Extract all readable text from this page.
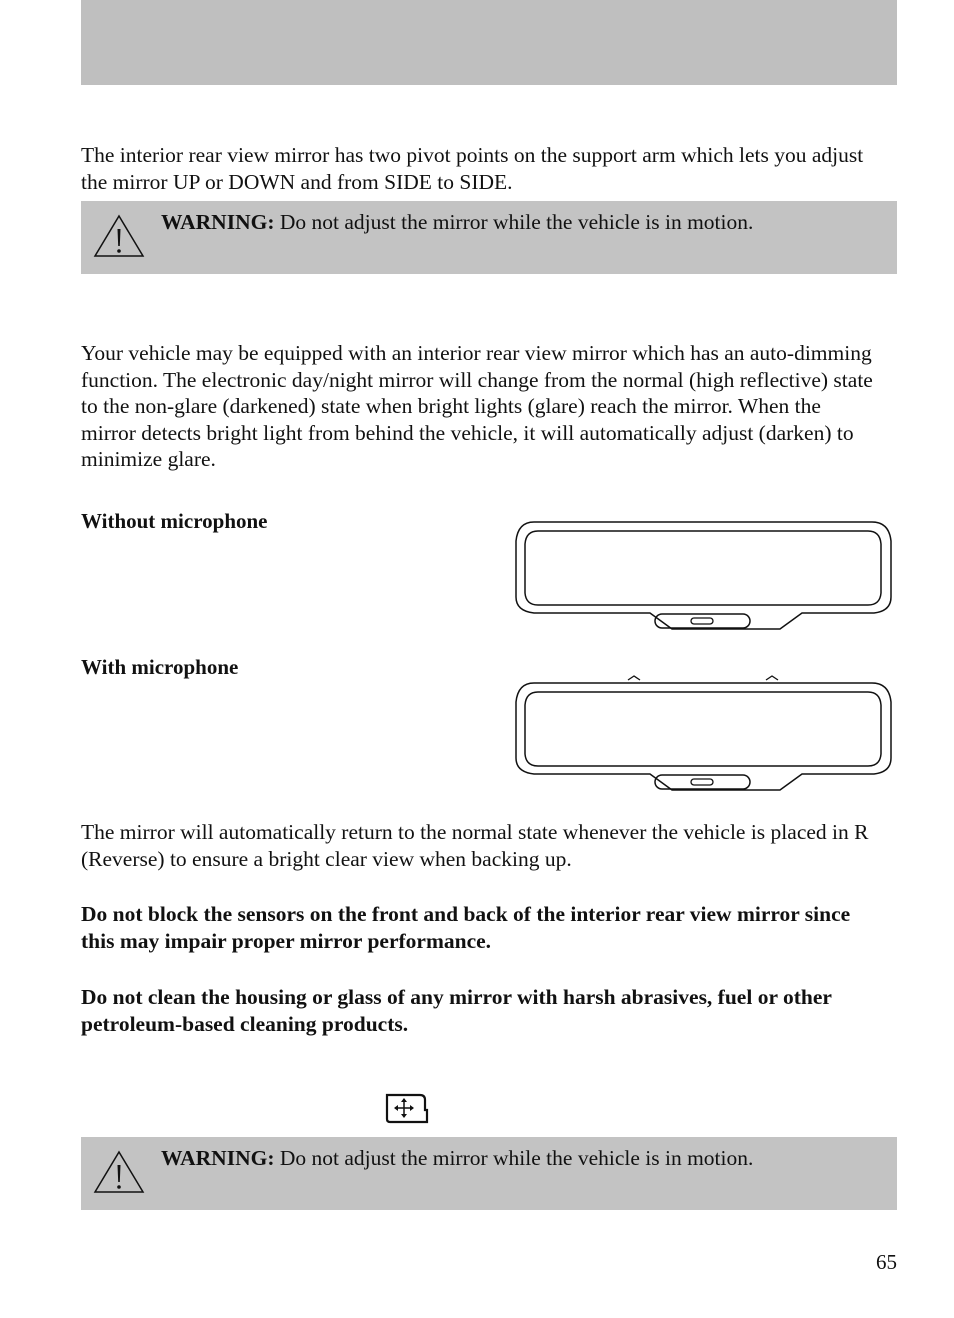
The interior rear view mirror has two pivot points on the support arm which lets you adjust the mirror UP or DOWN and from SIDE to SIDE.
WARNING: Do not adjust the mirror while the vehicle is in motion.
Your vehicle may be equipped with an interior rear view mirror which has an auto-dimming function. The electronic day/night mirror will change from the normal (high reflective) state to the non-glare (darkened) state when bright lights (glare) reach the mirror. When the mirror detects bright light from behind the vehicle, it will automatically adjust (darken) to minimize glare.
Without microphone
With microphone
The mirror will automatically return to the normal state whenever the vehicle is placed in R (Reverse) to ensure a bright clear view when backing up.
Do not block the sensors on the front and back of the interior rear view mirror since this may impair proper mirror performance.
Do not clean the housing or glass of any mirror with harsh abrasives, fuel or other petroleum-based cleaning products.
WARNING: Do not adjust the mirror while the vehicle is in motion.
65
